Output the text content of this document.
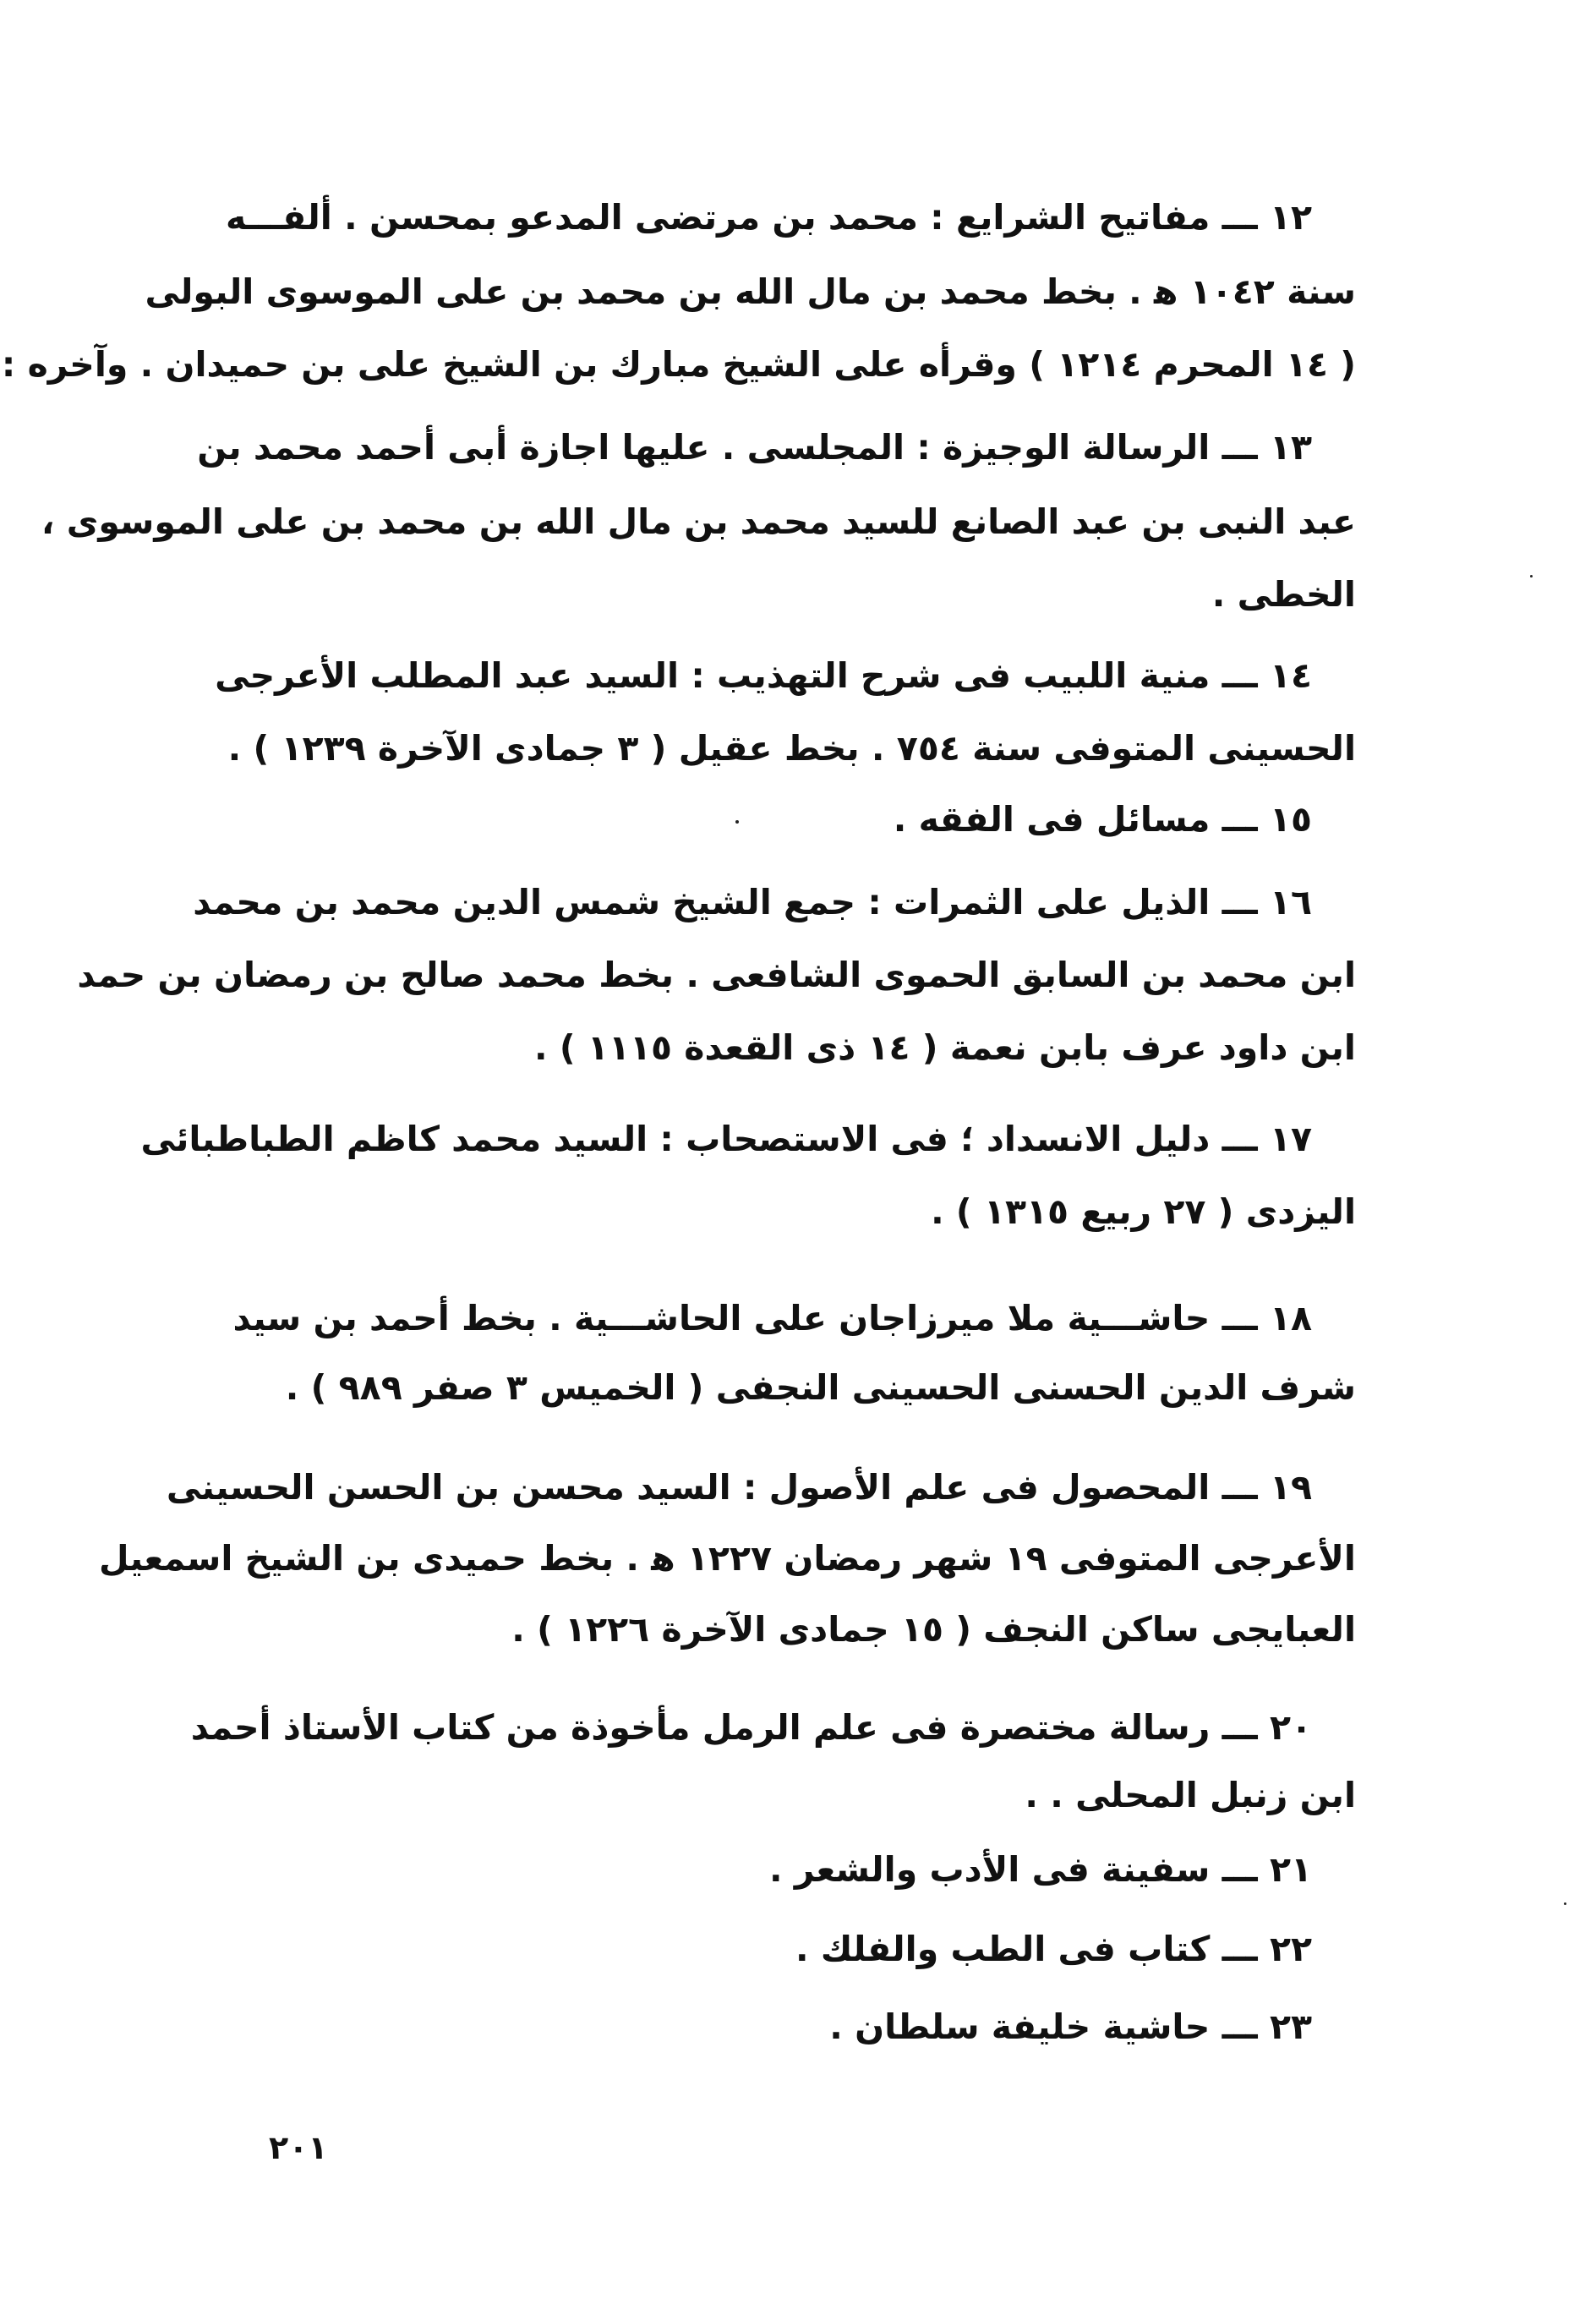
١٢ ـــ مفاتيح الشرايع : محمد بن مرتضى المدعو بمحسن . ألفـــه
سنة ١٠٤٢ ﻫ . بخط محمد بن مال الله بن محمد بن على الموسوى البولى
( ١٤ المحرم ١٢١٤ ) وقرأه على الشيخ مبارك بن الشيخ على بن حميدان . وآخره :
١٣ ـــ الرسالة الوجيزة : المجلسى . عليها اجازة أبى أحمد محمد بن
عبد النبى بن عبد الصانع للسيد محمد بن مال الله بن محمد بن على الموسوى ،
الخطى .
١٤ ـــ منية اللبيب فى شرح التهذيب : السيد عبد المطلب الأعرجى
الحسينى المتوفى سنة ٧٥٤ . بخط عقيل ( ٣ جمادى الآخرة ١٢٣٩ ) .
١٥ ـــ مسائل فى الفقه .
١٦ ـــ الذيل على الثمرات : جمع الشيخ شمس الدين محمد بن محمد
ابن محمد بن السابق الحموى الشافعى . بخط محمد صالح بن رمضان بن حمد
ابن داود عرف بابن نعمة ( ١٤ ذى القعدة ١١١٥ ) .
١٧ ـــ دليل الانسداد ؛ فى الاستصحاب : السيد محمد كاظم الطباطبائى
اليزدى ( ٢٧ ربيع ١٣١٥ ) .
١٨ ـــ حاشـــية ملا ميرزاجان على الحاشـــية . بخط أحمد بن سيد
شرف الدين الحسنى الحسينى النجفى ( الخميس ٣ صفر ٩٨٩ ) .
١٩ ـــ المحصول فى علم الأصول : السيد محسن بن الحسن الحسينى
الأعرجى المتوفى ١٩ شهر رمضان ١٢٢٧ ﻫ . بخط حميدى بن الشيخ اسمعيل
العبايجى ساكن النجف ( ١٥ جمادى الآخرة ١٢٢٦ ) .
٢٠ ـــ رسالة مختصرة فى علم الرمل مأخوذة من كتاب الأستاذ أحمد
ابن زنبل المحلى . .
٢١ ـــ سفينة فى الأدب والشعر .
٢٢ ـــ كتاب فى الطب والفلك .
٢٣ ـــ حاشية خليفة سلطان .
٢٠١
